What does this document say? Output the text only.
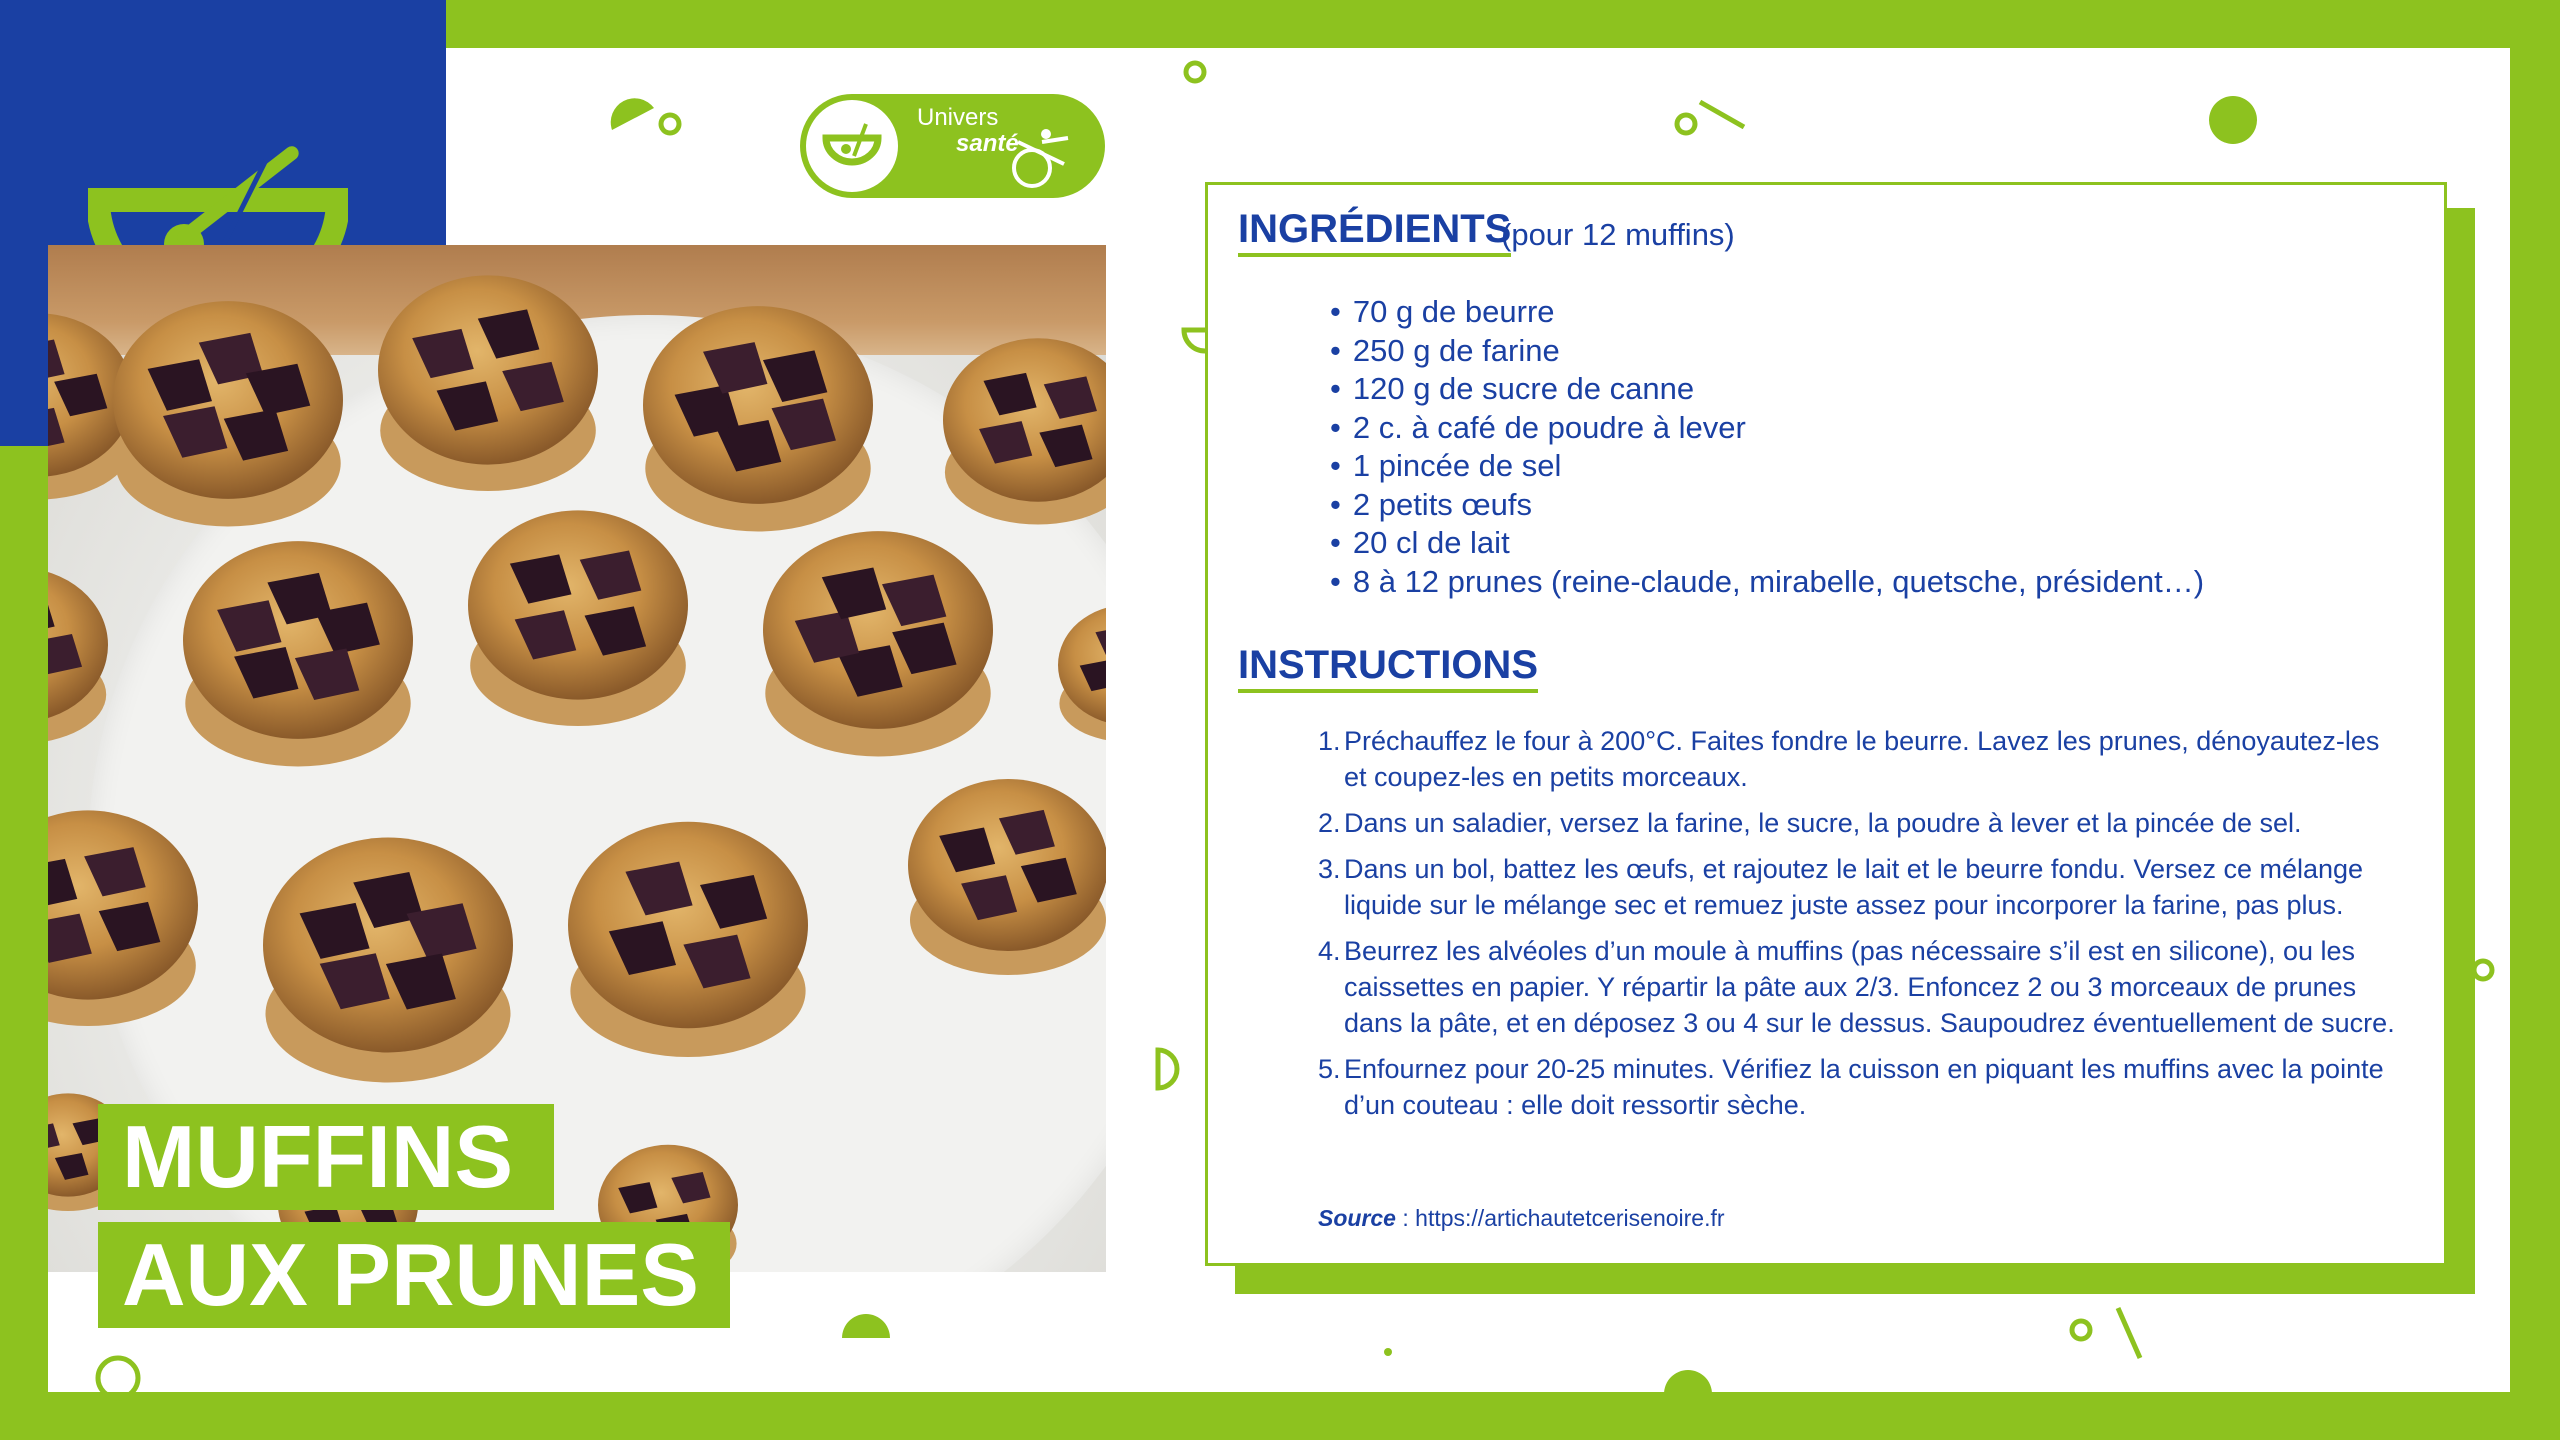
Univers
santé
MUFFINS
AUX PRUNES
INGRÉDIENTS
(pour 12 muffins)
• 70 g de beurre
• 250 g de farine
• 120 g de sucre de canne
• 2 c. à café de poudre à lever
• 1 pincée de sel
• 2 petits œufs
• 20 cl de lait
• 8 à 12 prunes (reine-claude, mirabelle, quetsche, président…)
INSTRUCTIONS
1. Préchauffez le four à 200°C. Faites fondre le beurre. Lavez les prunes, dénoyautez-les et coupez-les en petits morceaux.
2. Dans un saladier, versez la farine, le sucre, la poudre à lever et la pincée de sel.
3. Dans un bol, battez les œufs, et rajoutez le lait et le beurre fondu. Versez ce mélange liquide sur le mélange sec et remuez juste assez pour incorporer la farine, pas plus.
4. Beurrez les alvéoles d’un moule à muffins (pas nécessaire s’il est en silicone), ou les caissettes en papier. Y répartir la pâte aux 2/3. Enfoncez 2 ou 3 morceaux de prunes dans la pâte, et en déposez 3 ou 4 sur le dessus. Saupoudrez éventuellement de sucre.
5. Enfournez pour 20-25 minutes. Vérifiez la cuisson en piquant les muffins avec la pointe d’un couteau : elle doit ressortir sèche.
Source : https://artichautetcerisenoire.fr
